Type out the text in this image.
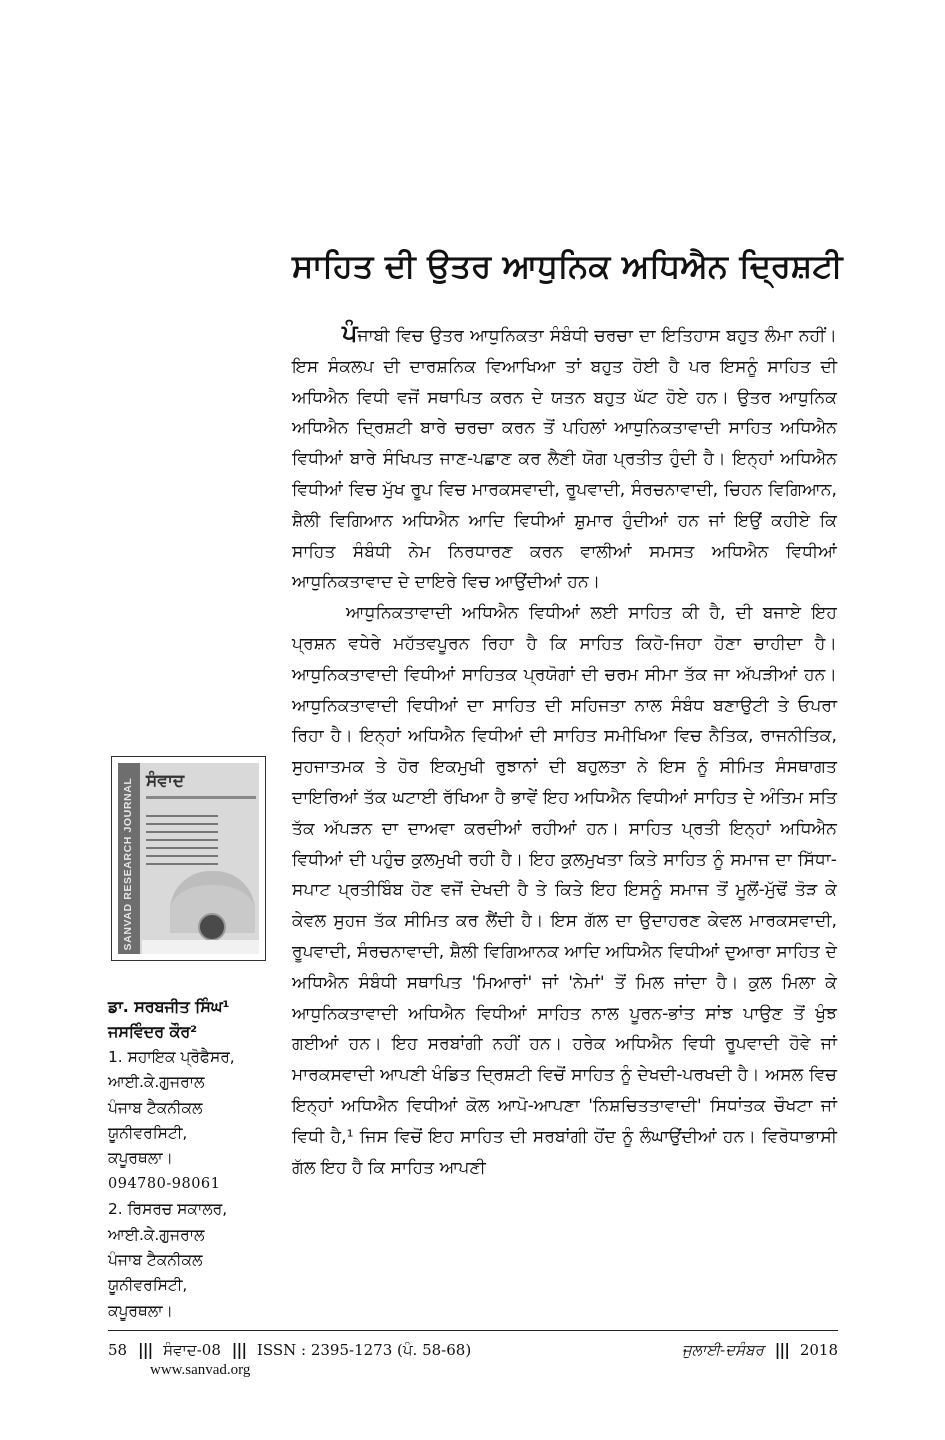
ਸਾਹਿਤ ਦੀ ਉਤਰ ਆਧੁਨਿਕ ਅਧਿਐਨ ਦ੍ਰਿਸ਼ਟੀ

ਪੰਜਾਬੀ ਵਿਚ ਉਤਰ ਆਧੁਨਿਕਤਾ ਸੰਬੰਧੀ ਚਰਚਾ ਦਾ ਇਤਿਹਾਸ ਬਹੁਤ ਲੰਮਾ ਨਹੀਂ। ਇਸ ਸੰਕਲਪ ਦੀ ਦਾਰਸ਼ਨਿਕ ਵਿਆਖਿਆ ਤਾਂ ਬਹੁਤ ਹੋਈ ਹੈ ਪਰ ਇਸਨੂੰ ਸਾਹਿਤ ਦੀ ਅਧਿਐਨ ਵਿਧੀ ਵਜੋਂ ਸਥਾਪਿਤ ਕਰਨ ਦੇ ਯਤਨ ਬਹੁਤ ਘੱਟ ਹੋਏ ਹਨ। ਉਤਰ ਆਧੁਨਿਕ ਅਧਿਐਨ ਦ੍ਰਿਸ਼ਟੀ ਬਾਰੇ ਚਰਚਾ ਕਰਨ ਤੋਂ ਪਹਿਲਾਂ ਆਧੁਨਿਕਤਾਵਾਦੀ ਸਾਹਿਤ ਅਧਿਐਨ ਵਿਧੀਆਂ ਬਾਰੇ ਸੰਖਿਪਤ ਜਾਣ-ਪਛਾਣ ਕਰ ਲੈਣੀ ਯੋਗ ਪ੍ਰਤੀਤ ਹੁੰਦੀ ਹੈ। ਇਨ੍ਹਾਂ ਅਧਿਐਨ ਵਿਧੀਆਂ ਵਿਚ ਮੁੱਖ ਰੂਪ ਵਿਚ ਮਾਰਕਸਵਾਦੀ, ਰੂਪਵਾਦੀ, ਸੰਰਚਨਾਵਾਦੀ, ਚਿਹਨ ਵਿਗਿਆਨ, ਸ਼ੈਲੀ ਵਿਗਿਆਨ ਅਧਿਐਨ ਆਦਿ ਵਿਧੀਆਂ ਸ਼ੁਮਾਰ ਹੁੰਦੀਆਂ ਹਨ ਜਾਂ ਇਉਂ ਕਹੀਏ ਕਿ ਸਾਹਿਤ ਸੰਬੰਧੀ ਨੇਮ ਨਿਰਧਾਰਣ ਕਰਨ ਵਾਲੀਆਂ ਸਮਸਤ ਅਧਿਐਨ ਵਿਧੀਆਂ ਆਧੁਨਿਕਤਾਵਾਦ ਦੇ ਦਾਇਰੇ ਵਿਚ ਆਉਂਦੀਆਂ ਹਨ।

ਆਧੁਨਿਕਤਾਵਾਦੀ ਅਧਿਐਨ ਵਿਧੀਆਂ ਲਈ ਸਾਹਿਤ ਕੀ ਹੈ, ਦੀ ਬਜਾਏ ਇਹ ਪ੍ਰਸ਼ਨ ਵਧੇਰੇ ਮਹੱਤਵਪੂਰਨ ਰਿਹਾ ਹੈ ਕਿ ਸਾਹਿਤ ਕਿਹੋ-ਜਿਹਾ ਹੋਣਾ ਚਾਹੀਦਾ ਹੈ। ਆਧੁਨਿਕਤਾਵਾਦੀ ਵਿਧੀਆਂ ਸਾਹਿਤਕ ਪ੍ਰਯੋਗਾਂ ਦੀ ਚਰਮ ਸੀਮਾ ਤੱਕ ਜਾ ਅੱਪੜੀਆਂ ਹਨ। ਆਧੁਨਿਕਤਾਵਾਦੀ ਵਿਧੀਆਂ ਦਾ ਸਾਹਿਤ ਦੀ ਸਹਿਜਤਾ ਨਾਲ ਸੰਬੰਧ ਬਣਾਉਟੀ ਤੇ ਓਪਰਾ ਰਿਹਾ ਹੈ। ਇਨ੍ਹਾਂ ਅਧਿਐਨ ਵਿਧੀਆਂ ਦੀ ਸਾਹਿਤ ਸਮੀਖਿਆ ਵਿਚ ਨੈਤਿਕ, ਰਾਜਨੀਤਿਕ, ਸੁਹਜਾਤਮਕ ਤੇ ਹੋਰ ਇਕਮੁਖੀ ਰੁਝਾਨਾਂ ਦੀ ਬਹੁਲਤਾ ਨੇ ਇਸ ਨੂੰ ਸੀਮਿਤ ਸੰਸਥਾਗਤ ਦਾਇਰਿਆਂ ਤੱਕ ਘਟਾਈ ਰੱਖਿਆ ਹੈ ਭਾਵੇਂ ਇਹ ਅਧਿਐਨ ਵਿਧੀਆਂ ਸਾਹਿਤ ਦੇ ਅੰਤਿਮ ਸਤਿ ਤੱਕ ਅੱਪੜਨ ਦਾ ਦਾਅਵਾ ਕਰਦੀਆਂ ਰਹੀਆਂ ਹਨ। ਸਾਹਿਤ ਪ੍ਰਤੀ ਇਨ੍ਹਾਂ ਅਧਿਐਨ ਵਿਧੀਆਂ ਦੀ ਪਹੁੰਚ ਕੁਲਮੁਖੀ ਰਹੀ ਹੈ। ਇਹ ਕੁਲਮੁਖਤਾ ਕਿਤੇ ਸਾਹਿਤ ਨੂੰ ਸਮਾਜ ਦਾ ਸਿੱਧਾ-ਸਪਾਟ ਪ੍ਰਤੀਬਿੰਬ ਹੋਣ ਵਜੋਂ ਦੇਖਦੀ ਹੈ ਤੇ ਕਿਤੇ ਇਹ ਇਸਨੂੰ ਸਮਾਜ ਤੋਂ ਮੂਲੋਂ-ਮੁੱਢੋਂ ਤੋੜ ਕੇ ਕੇਵਲ ਸੁਹਜ ਤੱਕ ਸੀਮਿਤ ਕਰ ਲੈਂਦੀ ਹੈ। ਇਸ ਗੱਲ ਦਾ ਉਦਾਹਰਣ ਕੇਵਲ ਮਾਰਕਸਵਾਦੀ, ਰੂਪਵਾਦੀ, ਸੰਰਚਨਾਵਾਦੀ, ਸ਼ੈਲੀ ਵਿਗਿਆਨਕ ਆਦਿ ਅਧਿਐਨ ਵਿਧੀਆਂ ਦੁਆਰਾ ਸਾਹਿਤ ਦੇ ਅਧਿਐਨ ਸੰਬੰਧੀ ਸਥਾਪਿਤ 'ਮਿਆਰਾਂ' ਜਾਂ 'ਨੇਮਾਂ' ਤੋਂ ਮਿਲ ਜਾਂਦਾ ਹੈ। ਕੁਲ ਮਿਲਾ ਕੇ ਆਧੁਨਿਕਤਾਵਾਦੀ ਅਧਿਐਨ ਵਿਧੀਆਂ ਸਾਹਿਤ ਨਾਲ ਪੂਰਨ-ਭਾਂਤ ਸਾਂਝ ਪਾਉਣ ਤੋਂ ਖੁੰਝ ਗਈਆਂ ਹਨ। ਇਹ ਸਰਬਾਂਗੀ ਨਹੀਂ ਹਨ। ਹਰੇਕ ਅਧਿਐਨ ਵਿਧੀ ਰੂਪਵਾਦੀ ਹੋਵੇ ਜਾਂ ਮਾਰਕਸਵਾਦੀ ਆਪਣੀ ਖੰਡਿਤ ਦ੍ਰਿਸ਼ਟੀ ਵਿਚੋਂ ਸਾਹਿਤ ਨੂੰ ਦੇਖਦੀ-ਪਰਖਦੀ ਹੈ। ਅਸਲ ਵਿਚ ਇਨ੍ਹਾਂ ਅਧਿਐਨ ਵਿਧੀਆਂ ਕੋਲ ਆਪੋ-ਆਪਣਾ 'ਨਿਸ਼ਚਿਤਤਾਵਾਦੀ' ਸਿਧਾਂਤਕ ਚੌਖਟਾ ਜਾਂ ਵਿਧੀ ਹੈ,¹ ਜਿਸ ਵਿਚੋਂ ਇਹ ਸਾਹਿਤ ਦੀ ਸਰਬਾਂਗੀ ਹੋਂਦ ਨੂੰ ਲੰਘਾਉਂਦੀਆਂ ਹਨ। ਵਿਰੋਧਾਭਾਸੀ ਗੱਲ ਇਹ ਹੈ ਕਿ ਸਾਹਿਤ ਆਪਣੀ

SANVAD RESEARCH JOURNAL ਸੰਵਾਦ
ਡਾ. ਸਰਬਜੀਤ ਸਿੰਘ¹
ਜਸਵਿੰਦਰ ਕੌਰ²
1. ਸਹਾਇਕ ਪ੍ਰੋਫੈਸਰ,
ਆਈ.ਕੇ.ਗੁਜਰਾਲ
ਪੰਜਾਬ ਟੈਕਨੀਕਲ
ਯੂਨੀਵਰਸਿਟੀ,
ਕਪੂਰਥਲਾ।
094780-98061
2. ਰਿਸਰਚ ਸਕਾਲਰ,
ਆਈ.ਕੇ.ਗੁਜਰਾਲ
ਪੰਜਾਬ ਟੈਕਨੀਕਲ
ਯੂਨੀਵਰਸਿਟੀ,
ਕਪੂਰਥਲਾ।
58 ||| ਸੰਵਾਦ-08 ||| ISSN : 2395-1273 (ਪੰ. 58-68)	ਜੁਲਾਈ-ਦਸੰਬਰ ||| 2018
www.sanvad.org
